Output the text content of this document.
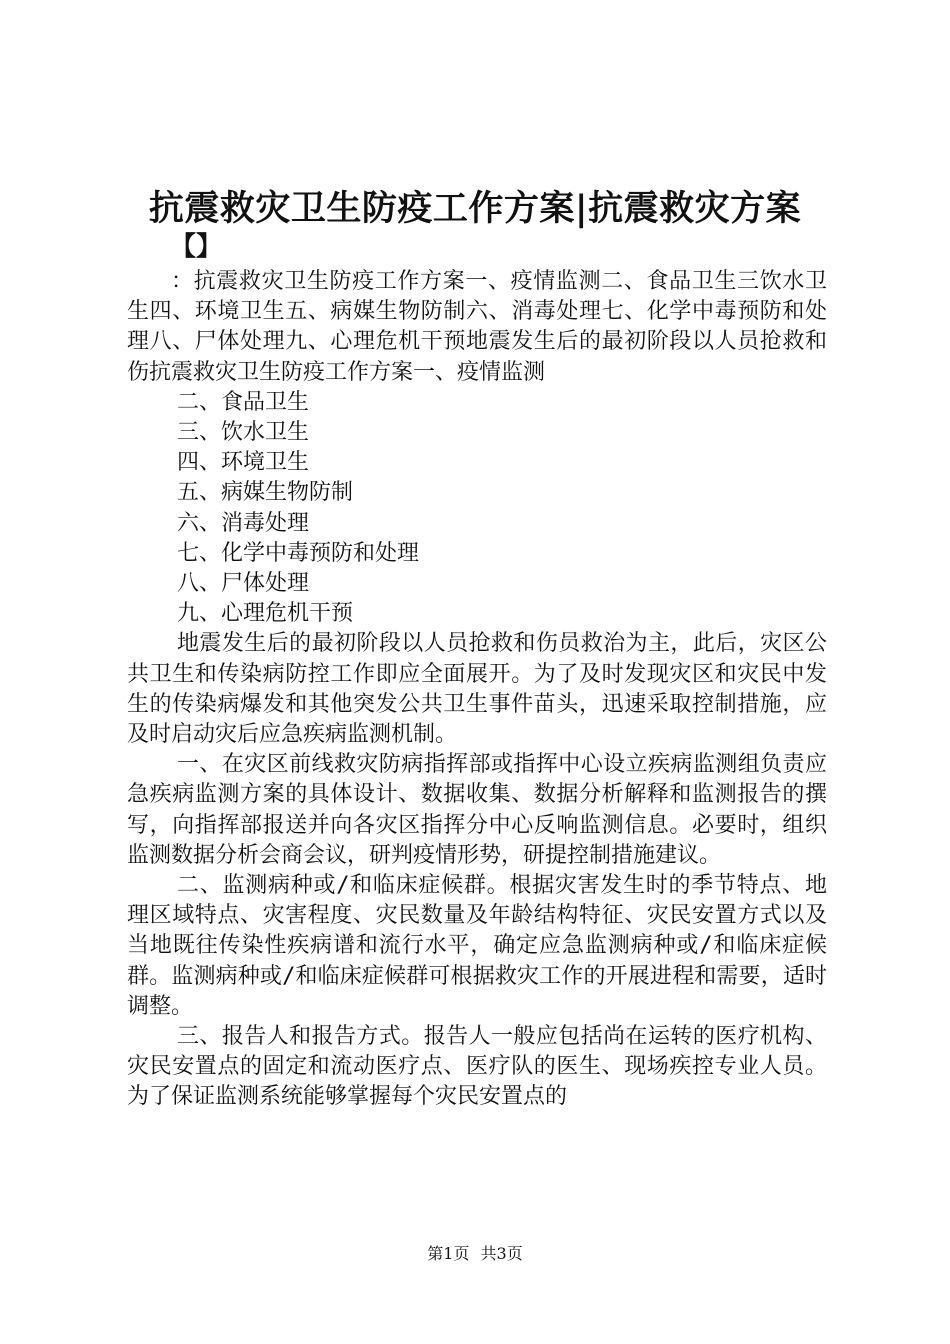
抗震救灾卫生防疫工作方案|抗震救灾方案
【】

：抗震救灾卫生防疫工作方案一、疫情监测二、食品卫生三饮水卫生四、环境卫生五、病媒生物防制六、消毒处理七、化学中毒预防和处理八、尸体处理九、心理危机干预地震发生后的最初阶段以人员抢救和伤抗震救灾卫生防疫工作方案一、疫情监测

二、食品卫生

三、饮水卫生

四、环境卫生

五、病媒生物防制

六、消毒处理

七、化学中毒预防和处理

八、尸体处理

九、心理危机干预

地震发生后的最初阶段以人员抢救和伤员救治为主，此后，灾区公共卫生和传染病防控工作即应全面展开。为了及时发现灾区和灾民中发生的传染病爆发和其他突发公共卫生事件苗头，迅速采取控制措施，应及时启动灾后应急疾病监测机制。

一、在灾区前线救灾防病指挥部或指挥中心设立疾病监测组负责应急疾病监测方案的具体设计、数据收集、数据分析解释和监测报告的撰写，向指挥部报送并向各灾区指挥分中心反响监测信息。必要时，组织监测数据分析会商会议，研判疫情形势，研提控制措施建议。

二、监测病种或/和临床症候群。根据灾害发生时的季节特点、地理区域特点、灾害程度、灾民数量及年龄结构特征、灾民安置方式以及当地既往传染性疾病谱和流行水平，确定应急监测病种或/和临床症候群。监测病种或/和临床症候群可根据救灾工作的开展进程和需要，适时调整。

三、报告人和报告方式。报告人一般应包括尚在运转的医疗机构、灾民安置点的固定和流动医疗点、医疗队的医生、现场疾控专业人员。为了保证监测系统能够掌握每个灾民安置点的

第1页 共3页
